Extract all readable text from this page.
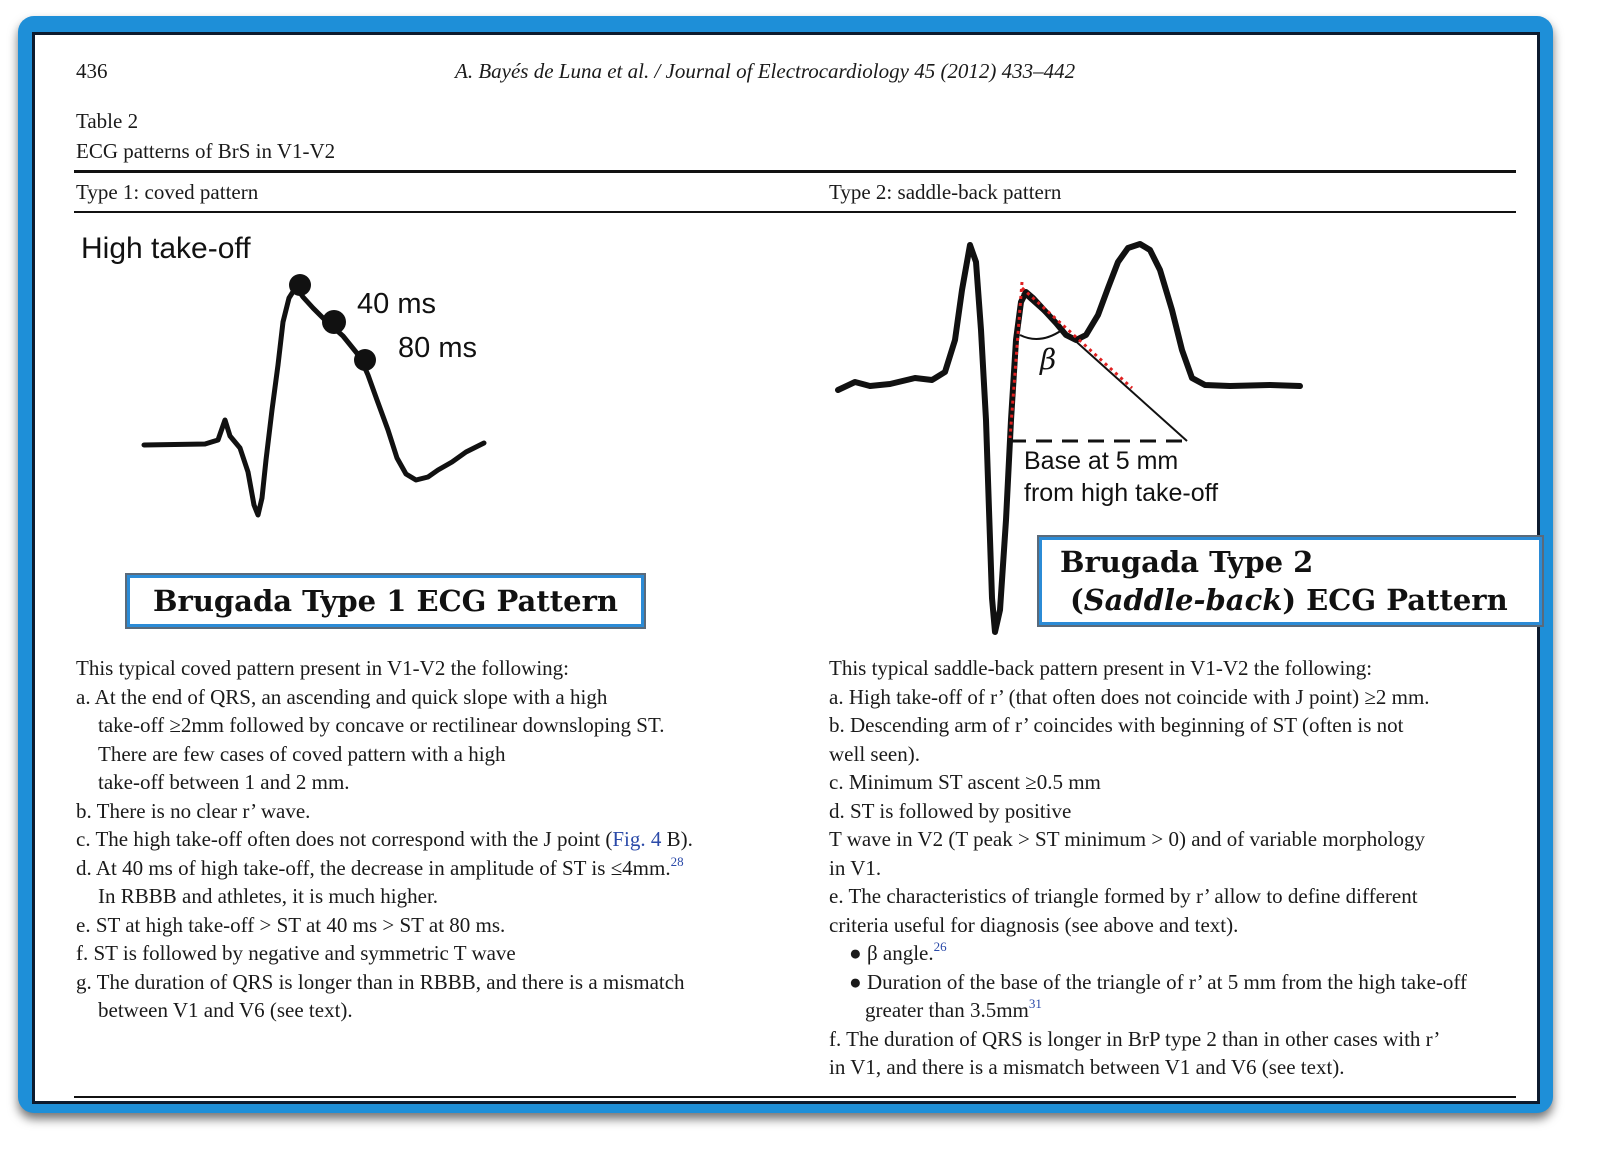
436	A. Bayés de Luna et al. / Journal of Electrocardiology 45 (2012) 433–442
Table 2
ECG patterns of BrS in V1-V2
Type 1: coved pattern	Type 2: saddle-back pattern
High take-off
40 ms
80 ms
Brugada Type 1 ECG Pattern
β
Base at 5 mm
from high take-off
Brugada Type 2
(Saddle-back) ECG Pattern

This typical coved pattern present in V1-V2 the following:

a. At the end of QRS, an ascending and quick slope with a high

take-off ≥2mm followed by concave or rectilinear downsloping ST.

There are few cases of coved pattern with a high

take-off between 1 and 2 mm.

b. There is no clear r’ wave.

c. The high take-off often does not correspond with the J point (Fig. 4 B).

d. At 40 ms of high take-off, the decrease in amplitude of ST is ≤4mm.$^{28}$

In RBBB and athletes, it is much higher.

e. ST at high take-off > ST at 40 ms > ST at 80 ms.

f. ST is followed by negative and symmetric T wave

g. The duration of QRS is longer than in RBBB, and there is a mismatch

between V1 and V6 (see text).

This typical saddle-back pattern present in V1-V2 the following:

a. High take-off of r’ (that often does not coincide with J point) ≥2 mm.

b. Descending arm of r’ coincides with beginning of ST (often is not

well seen).

c. Minimum ST ascent ≥0.5 mm

d. ST is followed by positive

T wave in V2 (T peak > ST minimum > 0) and of variable morphology

in V1.

e. The characteristics of triangle formed by r’ allow to define different

criteria useful for diagnosis (see above and text).

● β angle.$^{26}$

● Duration of the base of the triangle of r’ at 5 mm from the high take-off

greater than $3.5mm^{31}$

f. The duration of QRS is longer in BrP type 2 than in other cases with r’

in V1, and there is a mismatch between V1 and V6 (see text).
